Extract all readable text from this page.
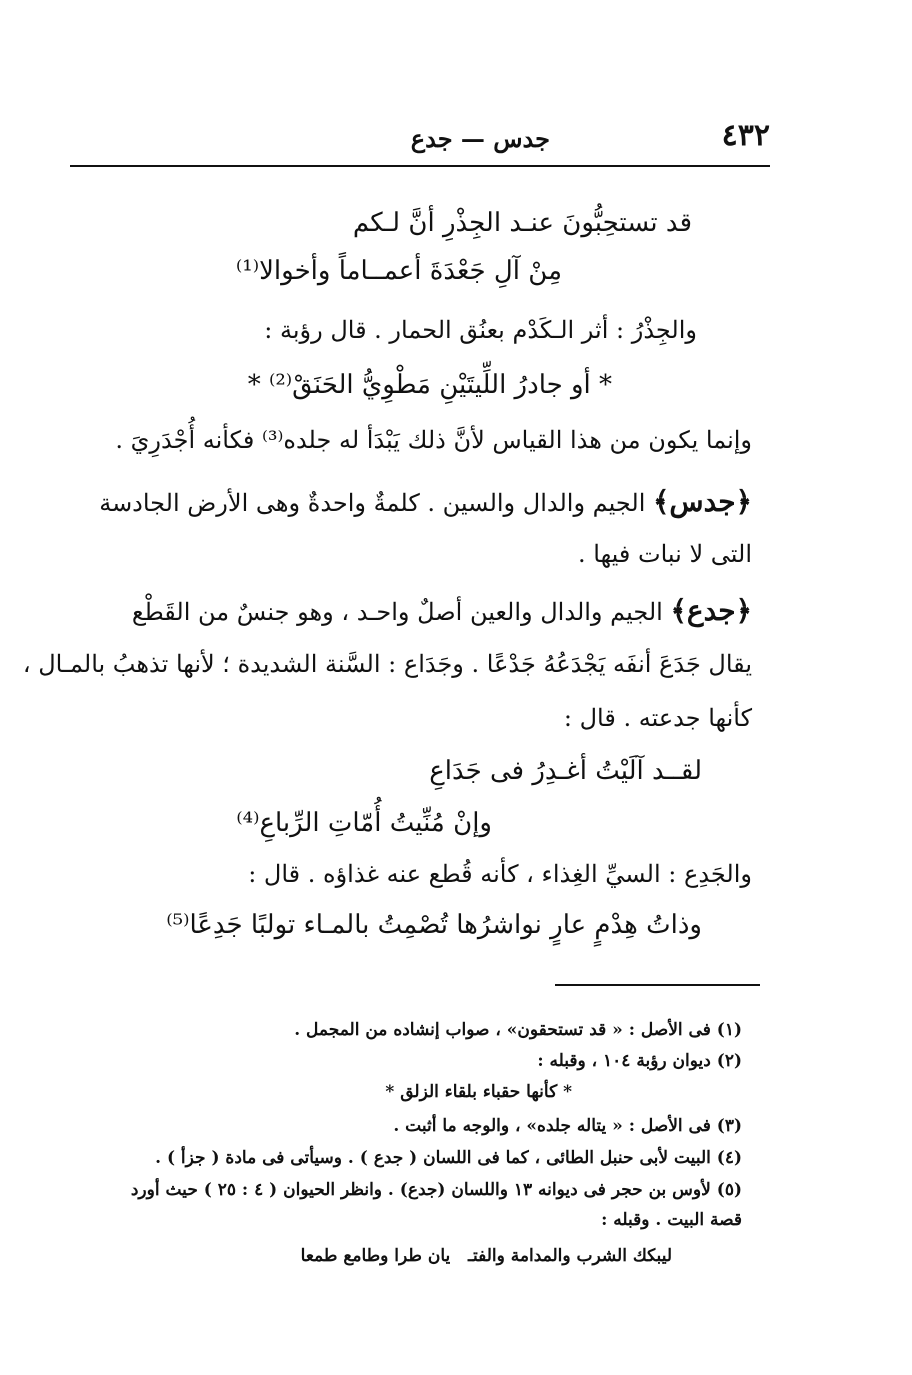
٤٣٢
جدس — جدع
قد تستحِبُّونَ عنـد الجِذْرِ أنَّ لـكم
مِنْ آلِ جَعْدَةَ أعمــاماً وأخوالا⁽¹⁾
والجِذْرُ : أثر الـكَدْم بعنُق الحمار . قال رؤبة :
* أو جادرُ اللِّيتَيْنِ مَطْوِيُّ الحَنَقْ⁽²⁾ *
وإنما يكون من هذا القياس لأنَّ ذلك يَبْدَأ له جلده⁽³⁾ فكأنه أُجْدَرِيَ .
﴿جدس﴾ الجيم والدال والسين . كلمةٌ واحدةٌ وهى الأرض الجادسة
التى لا نبات فيها .
﴿جدع﴾ الجيم والدال والعين أصلٌ واحـد ، وهو جنسٌ من القَطْع
يقال جَدَعَ أنفَه يَجْدَعُهُ جَدْعًا . وجَدَاع : السَّنة الشديدة ؛ لأنها تذهبُ بالمـال ،
كأنها جدعته . قال :
لقــد آلَيْتُ أغـدِرُ فى جَدَاعِ
وإنْ مُنِّيتُ أُمّاتِ الرِّباعِ⁽⁴⁾
والجَدِع : السيِّ الغِذاء ، كأنه قُطع عنه غذاؤه . قال :
وذاتُ هِدْمٍ عارٍ نواشرُها تُصْمِتُ بالمـاء تولبًا جَدِعًا⁽⁵⁾
(١) فى الأصل : « قد تستحقون» ، صواب إنشاده من المجمل .
(٢) ديوان رؤبة ١٠٤ ، وقبله :
* كأنها حقباء بلقاء الزلق *
(٣) فى الأصل : « يتاله جلده» ، والوجه ما أثبت .
(٤) البيت لأبى حنبل الطائى ، كما فى اللسان ( جدع ) . وسيأتى فى مادة ( جزأ ) .
(٥) لأوس بن حجر فى ديوانه ١٣ واللسان (جدع) . وانظر الحيوان ( ٤ : ٢٥ ) حيث أورد
قصة البيت . وقبله :
ليبكك الشرب والمدامة والفتـ   يان طرا وطامع طمعا
